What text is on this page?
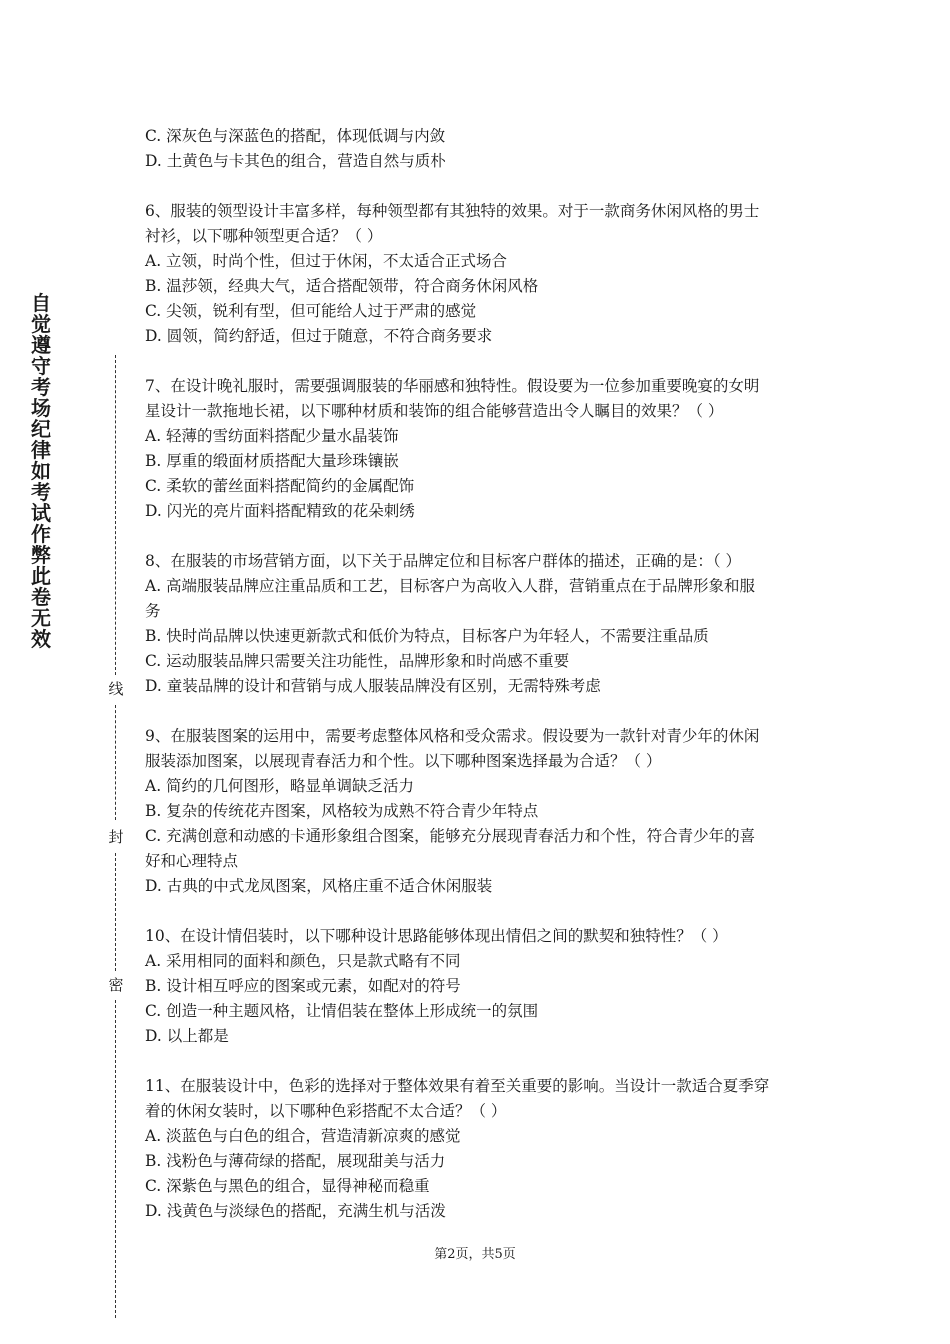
自
觉
遵
守
考
场
纪
律
如
考
试
作
弊
此
卷
无
效
线
封
密
C. 深灰色与深蓝色的搭配，体现低调与内敛
D. 土黄色与卡其色的组合，营造自然与质朴
6、服装的领型设计丰富多样，每种领型都有其独特的效果。对于一款商务休闲风格的男士
衬衫，以下哪种领型更合适？（ ）
A. 立领，时尚个性，但过于休闲，不太适合正式场合
B. 温莎领，经典大气，适合搭配领带，符合商务休闲风格
C. 尖领，锐利有型，但可能给人过于严肃的感觉
D. 圆领，简约舒适，但过于随意，不符合商务要求
7、在设计晚礼服时，需要强调服装的华丽感和独特性。假设要为一位参加重要晚宴的女明
星设计一款拖地长裙，以下哪种材质和装饰的组合能够营造出令人瞩目的效果？（ ）
A. 轻薄的雪纺面料搭配少量水晶装饰
B. 厚重的缎面材质搭配大量珍珠镶嵌
C. 柔软的蕾丝面料搭配简约的金属配饰
D. 闪光的亮片面料搭配精致的花朵刺绣
8、在服装的市场营销方面，以下关于品牌定位和目标客户群体的描述，正确的是：（ ）
A. 高端服装品牌应注重品质和工艺，目标客户为高收入人群，营销重点在于品牌形象和服
务
B. 快时尚品牌以快速更新款式和低价为特点，目标客户为年轻人，不需要注重品质
C. 运动服装品牌只需要关注功能性，品牌形象和时尚感不重要
D. 童装品牌的设计和营销与成人服装品牌没有区别，无需特殊考虑
9、在服装图案的运用中，需要考虑整体风格和受众需求。假设要为一款针对青少年的休闲
服装添加图案，以展现青春活力和个性。以下哪种图案选择最为合适？（ ）
A. 简约的几何图形，略显单调缺乏活力
B. 复杂的传统花卉图案，风格较为成熟不符合青少年特点
C. 充满创意和动感的卡通形象组合图案，能够充分展现青春活力和个性，符合青少年的喜
好和心理特点
D. 古典的中式龙凤图案，风格庄重不适合休闲服装
10、在设计情侣装时，以下哪种设计思路能够体现出情侣之间的默契和独特性？（ ）
A. 采用相同的面料和颜色，只是款式略有不同
B. 设计相互呼应的图案或元素，如配对的符号
C. 创造一种主题风格，让情侣装在整体上形成统一的氛围
D. 以上都是
11、在服装设计中，色彩的选择对于整体效果有着至关重要的影响。当设计一款适合夏季穿
着的休闲女装时，以下哪种色彩搭配不太合适？（ ）
A. 淡蓝色与白色的组合，营造清新凉爽的感觉
B. 浅粉色与薄荷绿的搭配，展现甜美与活力
C. 深紫色与黑色的组合，显得神秘而稳重
D. 浅黄色与淡绿色的搭配，充满生机与活泼
第2页，共5页
